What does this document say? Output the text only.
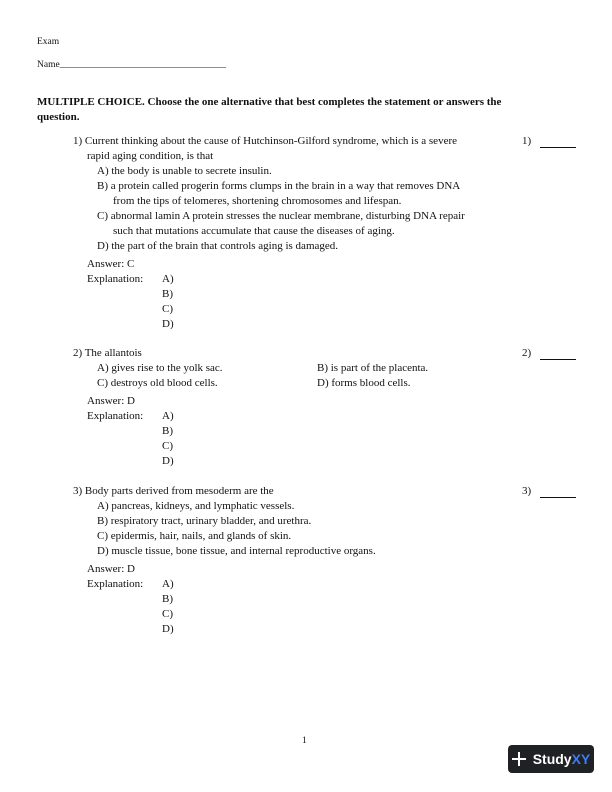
Exam
Name___________________________________
MULTIPLE CHOICE. Choose the one alternative that best completes the statement or answers the
question.
1) Current thinking about the cause of Hutchinson-Gilford syndrome, which is a severe
rapid aging condition, is that
1)
A) the body is unable to secrete insulin.
B) a protein called progerin forms clumps in the brain in a way that removes DNA
from the tips of telomeres, shortening chromosomes and lifespan.
C) abnormal lamin A protein stresses the nuclear membrane, disturbing DNA repair
such that mutations accumulate that cause the diseases of aging.
D) the part of the brain that controls aging is damaged.
Answer: C
Explanation: A)
B)
C)
D)
2) The allantois	2)
A) gives rise to the yolk sac.	B) is part of the placenta.
C) destroys old blood cells.	D) forms blood cells.
Answer: D
Explanation: A)
B)
C)
D)
3) Body parts derived from mesoderm are the	3)
A) pancreas, kidneys, and lymphatic vessels.
B) respiratory tract, urinary bladder, and urethra.
C) epidermis, hair, nails, and glands of skin.
D) muscle tissue, bone tissue, and internal reproductive organs.
Answer: D
Explanation: A)
B)
C)
D)
1
StudyXY
